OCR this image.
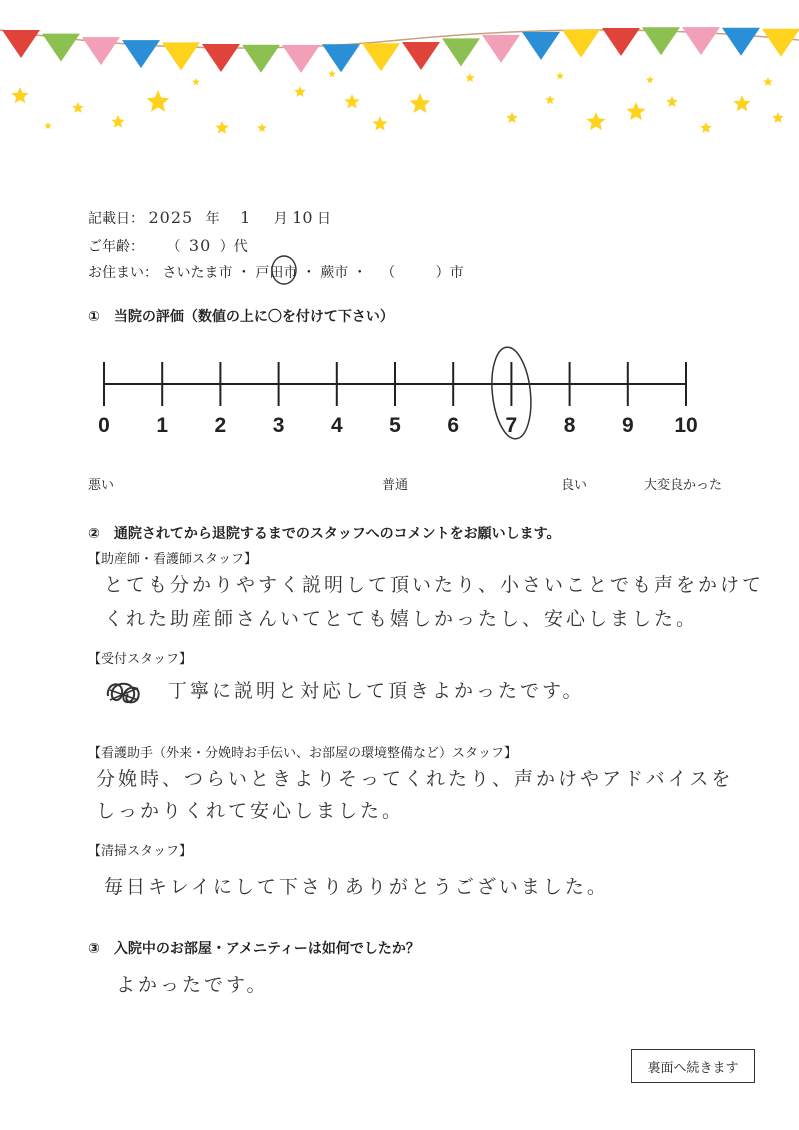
記載日： 2025 年 1 月 10 日
ご年齢： （ 30 ）代
お住まい： さいたま市 ・ 戸田市 ・ 蕨市 ・ （	）市
①　当院の評価（数値の上に〇を付けて下さい）
0 1 2 3 4 5 6 7 8 9 10
悪い	普通	良い	大変良かった
②　通院されてから退院するまでのスタッフへのコメントをお願いします。
【助産師・看護師スタッフ】
とても分かりやすく説明して頂いたり、小さいことでも声をかけて
くれた助産師さんいてとても嬉しかったし、安心しました。
【受付スタッフ】
丁寧に説明と対応して頂きよかったです。
【看護助手（外来・分娩時お手伝い、お部屋の環境整備など）スタッフ】
分娩時、つらいときよりそってくれたり、声かけやアドバイスを
しっかりくれて安心しました。
【清掃スタッフ】
毎日キレイにして下さりありがとうございました。
③　入院中のお部屋・アメニティーは如何でしたか？
よかったです。
裏面へ続きます
